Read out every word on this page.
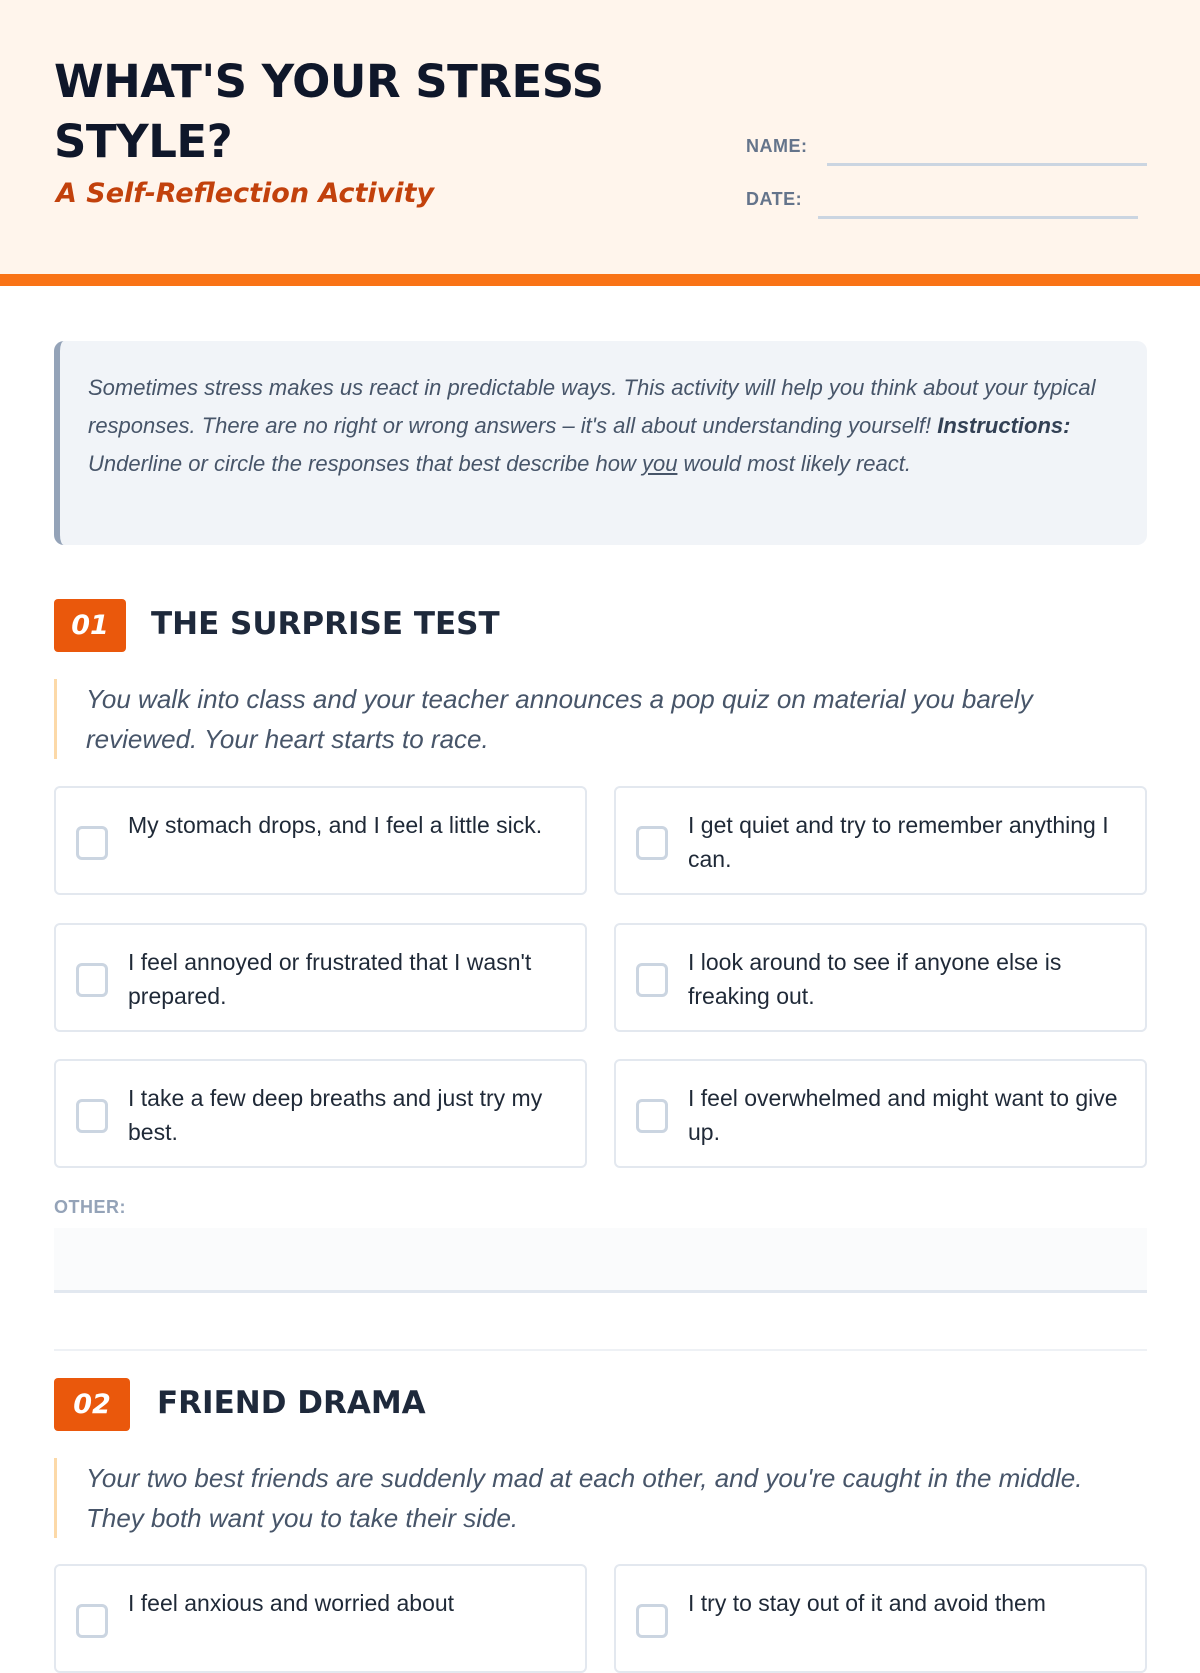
WHAT'S YOUR STRESS STYLE?
A Self-Reflection Activity
NAME:
DATE:
Sometimes stress makes us react in predictable ways. This activity will help you think about your typical responses. There are no right or wrong answers – it's all about understanding yourself! Instructions: Underline or circle the responses that best describe how you would most likely react.
01	THE SURPRISE TEST
You walk into class and your teacher announces a pop quiz on material you barely reviewed. Your heart starts to race.
My stomach drops, and I feel a little sick.	I get quiet and try to remember anything I can.
I feel annoyed or frustrated that I wasn't prepared.
I look around to see if anyone else is freaking out.
I take a few deep breaths and just try my best.
I feel overwhelmed and might want to give up.
OTHER:
02	FRIEND DRAMA
Your two best friends are suddenly mad at each other, and you're caught in the middle. They both want you to take their side.
I feel anxious and worried about	I try to stay out of it and avoid them
